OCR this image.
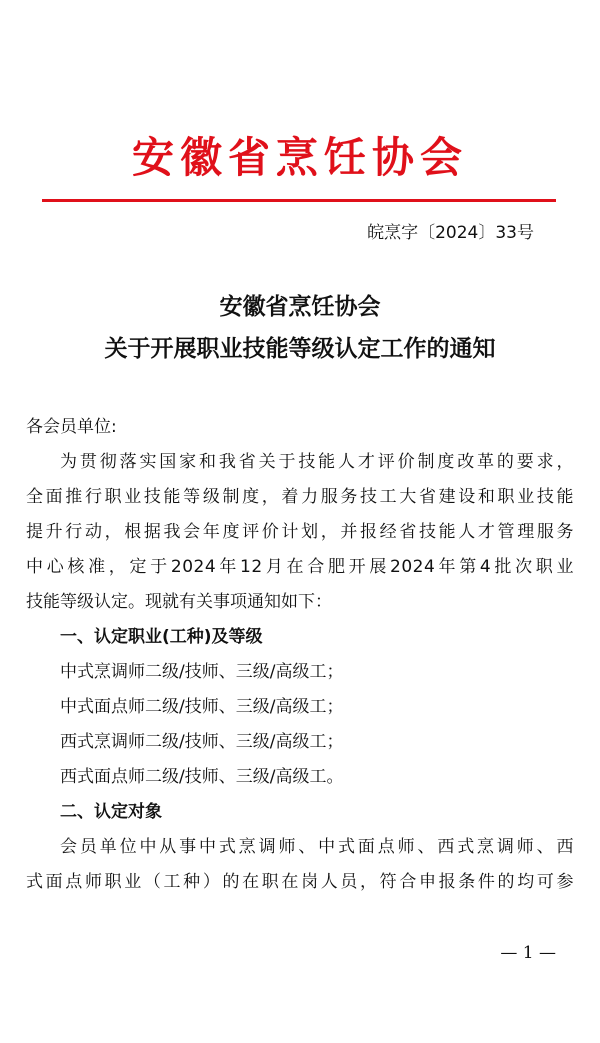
安徽省烹饪协会
皖烹字〔2024〕33号
安徽省烹饪协会
关于开展职业技能等级认定工作的通知

各会员单位:

为贯彻落实国家和我省关于技能人才评价制度改革的要求，

全面推行职业技能等级制度，着力服务技工大省建设和职业技能

提升行动，根据我会年度评价计划，并报经省技能人才管理服务

中心核准，定于2024年12月在合肥开展2024年第4批次职业

技能等级认定。现就有关事项通知如下：

一、认定职业(工种)及等级

中式烹调师二级/技师、三级/高级工；

中式面点师二级/技师、三级/高级工；

西式烹调师二级/技师、三级/高级工；

西式面点师二级/技师、三级/高级工。

二、认定对象

会员单位中从事中式烹调师、中式面点师、西式烹调师、西

式面点师职业（工种）的在职在岗人员，符合申报条件的均可参

— 1 —
